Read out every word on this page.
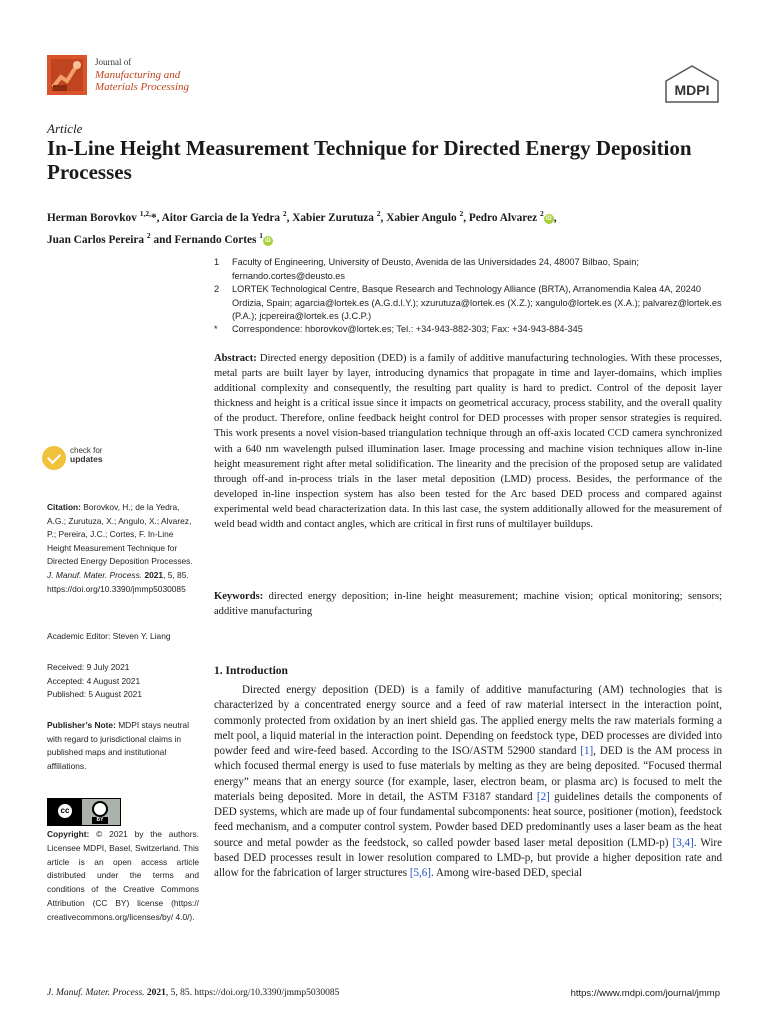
Journal of
Manufacturing and
Materials Processing	MDPI
Article
In-Line Height Measurement Technique for Directed Energy Deposition Processes
Herman Borovkov $^{1,2,}$*, Aitor Garcia de la Yedra $^2$, Xabier Zurutuza $^2$, Xabier Angulo $^2$, Pedro Alvarez $^2$iD ,
Juan Carlos Pereira $^2$ and Fernando Cortes $^1$iD
1 Faculty of Engineering, University of Deusto, Avenida de las Universidades 24, 48007 Bilbao, Spain; fernando.cortes@deusto.es
2 LORTEK Technological Centre, Basque Research and Technology Alliance (BRTA), Arranomendia Kalea 4A, 20240 Ordizia, Spain; agarcia@lortek.es (A.G.d.l.Y.); xzurutuza@lortek.es (X.Z.); xangulo@lortek.es (X.A.); palvarez@lortek.es (P.A.); jcpereira@lortek.es (J.C.P.)
* Correspondence: hborovkov@lortek.es; Tel.: +34-943-882-303; Fax: +34-943-884-345
Abstract: Directed energy deposition (DED) is a family of additive manufacturing technologies. With these processes, metal parts are built layer by layer, introducing dynamics that propagate in time and layer-domains, which implies additional complexity and consequently, the resulting part quality is hard to predict. Control of the deposit layer thickness and height is a critical issue since it impacts on geometrical accuracy, process stability, and the overall quality of the product. Therefore, online feedback height control for DED processes with proper sensor strategies is required. This work presents a novel vision-based triangulation technique through an off-axis located CCD camera synchronized with a 640 nm wavelength pulsed illumination laser. Image processing and machine vision techniques allow in-line height measurement right after metal solidification. The linearity and the precision of the proposed setup are validated through off-and in-process trials in the laser metal deposition (LMD) process. Besides, the performance of the developed in-line inspection system has also been tested for the Arc based DED process and compared against experimental weld bead characterization data. In this last case, the system additionally allowed for the measurement of weld bead width and contact angles, which are critical in first runs of multilayer buildups.
Keywords: directed energy deposition; in-line height measurement; machine vision; optical monitoring; sensors; additive manufacturing
1. Introduction
Directed energy deposition (DED) is a family of additive manufacturing (AM) technologies that is characterized by a concentrated energy source and a feed of raw material intersect in the interaction point, commonly protected from oxidation by an inert shield gas. The applied energy melts the raw materials forming a melt pool, a liquid material in the interaction point. Depending on feedstock type, DED processes are divided into powder feed and wire-feed based. According to the ISO/ASTM 52900 standard [1], DED is the AM process in which focused thermal energy is used to fuse materials by melting as they are being deposited. “Focused thermal energy” means that an energy source (for example, laser, electron beam, or plasma arc) is focused to melt the materials being deposited. More in detail, the ASTM F3187 standard [2] guidelines details the components of DED systems, which are made up of four fundamental subcomponents: heat source, positioner (motion), feedstock feed mechanism, and a computer control system. Powder based DED predominantly uses a laser beam as the heat source and metal powder as the feedstock, so called powder based laser metal deposition (LMD-p) [3,4]. Wire based DED processes result in lower resolution compared to LMD-p, but provide a higher deposition rate and allow for the fabrication of larger structures [5,6]. Among wire-based DED, special
check for
updates
Citation: Borovkov, H.; de la Yedra, A.G.; Zurutuza, X.; Angulo, X.; Alvarez, P.; Pereira, J.C.; Cortes, F. In-Line Height Measurement Technique for Directed Energy Deposition Processes. J. Manuf. Mater. Process. 2021, 5, 85. https://doi.org/10.3390/jmmp5030085
Academic Editor: Steven Y. Liang
Received: 9 July 2021
Accepted: 4 August 2021
Published: 5 August 2021
Publisher’s Note: MDPI stays neutral with regard to jurisdictional claims in published maps and institutional affiliations.
cc
BY
Copyright: © 2021 by the authors. Licensee MDPI, Basel, Switzerland. This article is an open access article distributed under the terms and conditions of the Creative Commons Attribution (CC BY) license (https:// creativecommons.org/licenses/by/ 4.0/).
J. Manuf. Mater. Process. 2021, 5, 85. https://doi.org/10.3390/jmmp5030085	https://www.mdpi.com/journal/jmmp
